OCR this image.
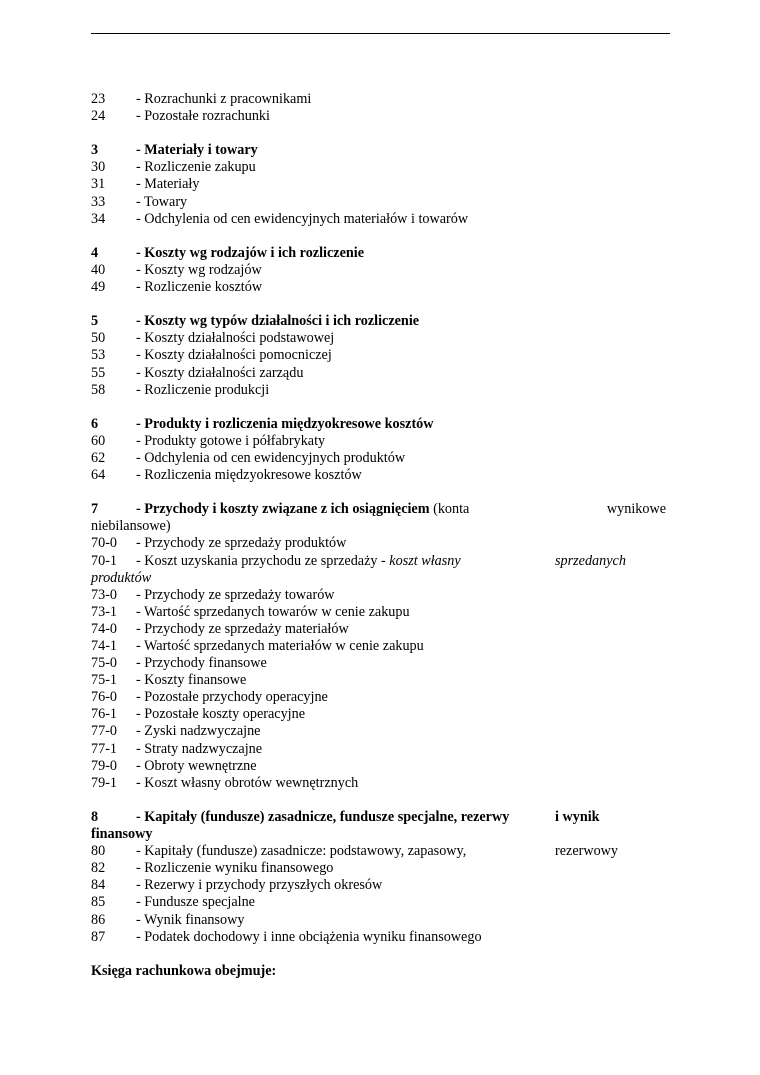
23 - Rozrachunki z pracownikami
24 - Pozostałe rozrachunki
3	- Materiały i towary
30 - Rozliczenie zakupu
31 - Materiały
33 - Towary
34 - Odchylenia od cen ewidencyjnych materiałów i towarów
4	- Koszty wg rodzajów i ich rozliczenie
40 - Koszty wg rodzajów
49 - Rozliczenie kosztów
5	- Koszty wg typów działalności i ich rozliczenie
50 - Koszty działalności podstawowej
53 - Koszty działalności pomocniczej
55 - Koszty działalności zarządu
58 - Rozliczenie produkcji
6	- Produkty i rozliczenia międzyokresowe kosztów
60 - Produkty gotowe i półfabrykaty
62 - Odchylenia od cen ewidencyjnych produktów
64 - Rozliczenia międzyokresowe kosztów
7	- Przychody i koszty związane z ich osiągnięciem (konta	wynikowe
niebilansowe)
70-0 - Przychody ze sprzedaży produktów
70-1 - Koszt uzyskania przychodu ze sprzedaży - koszt własny	sprzedanych
produktów
73-0 - Przychody ze sprzedaży towarów
73-1 - Wartość sprzedanych towarów w cenie zakupu
74-0 - Przychody ze sprzedaży materiałów
74-1 - Wartość sprzedanych materiałów w cenie zakupu
75-0 - Przychody finansowe
75-1 - Koszty finansowe
76-0 - Pozostałe przychody operacyjne
76-1 - Pozostałe koszty operacyjne
77-0 - Zyski nadzwyczajne
77-1 - Straty nadzwyczajne
79-0 - Obroty wewnętrzne
79-1 - Koszt własny obrotów wewnętrznych
8	- Kapitały (fundusze) zasadnicze, fundusze specjalne, rezerwy	i wynik
finansowy
80 - Kapitały (fundusze) zasadnicze: podstawowy, zapasowy,	rezerwowy
82 - Rozliczenie wyniku finansowego
84 - Rezerwy i przychody przyszłych okresów
85 - Fundusze specjalne
86 - Wynik finansowy
87 - Podatek dochodowy i inne obciążenia wyniku finansowego
Księga rachunkowa obejmuje:
